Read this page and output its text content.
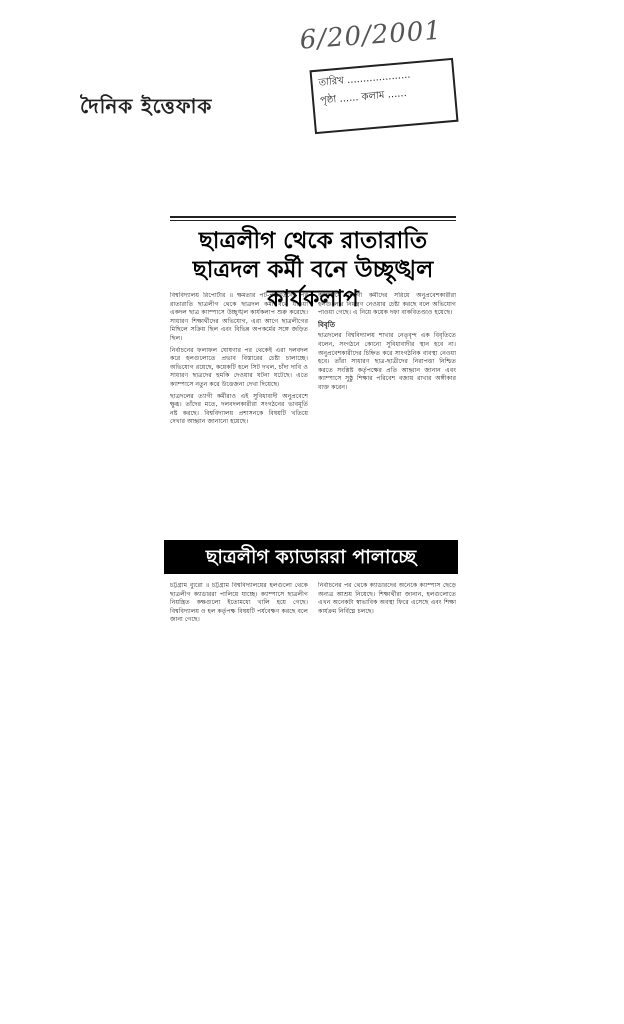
6/20/2001
তারিখ ....................
পৃষ্ঠা ...... কলাম ......
দৈনিক ইত্তেফাক
ছাত্রলীগ থেকে রাতারাতি ছাত্রদল কর্মী বনে উচ্ছৃঙ্খল কার্যকলাপ

বিশ্ববিদ্যালয় রিপোর্টার ॥ ক্ষমতার পট-পরিবর্তনের পর রাতারাতি ছাত্রলীগ থেকে ছাত্রদল কর্মী বনে যাওয়া একদল ছাত্র ক্যাম্পাসে উচ্ছৃঙ্খল কার্যকলাপ শুরু করেছে। সাধারণ শিক্ষার্থীদের অভিযোগ, এরা আগে ছাত্রলীগের মিছিলে সক্রিয় ছিল এবং বিভিন্ন অপকর্মের সঙ্গে জড়িত ছিল।

নির্বাচনের ফলাফল ঘোষণার পর থেকেই এরা দলবদল করে হলগুলোতে প্রভাব বিস্তারের চেষ্টা চালাচ্ছে। অভিযোগ রয়েছে, কয়েকটি হলে সিট দখল, চাঁদা দাবি ও সাধারণ ছাত্রদের হুমকি দেওয়ার ঘটনা ঘটেছে। এতে ক্যাম্পাসে নতুন করে উত্তেজনা দেখা দিয়েছে।

ছাত্রদলের ত্যাগী কর্মীরাও এই সুবিধাবাদী অনুপ্রবেশে ক্ষুব্ধ। তাঁদের মতে, দলবদলকারীরা সংগঠনের ভাবমূর্তি নষ্ট করছে। বিশ্ববিদ্যালয় প্রশাসনকে বিষয়টি খতিয়ে দেখার আহ্বান জানানো হয়েছে।

ক্যাম্পাসে ত্যাগী কর্মীদের সরিয়ে অনুপ্রবেশকারীরা হলগুলোর নিয়ন্ত্রণ নেওয়ার চেষ্টা করছে বলে অভিযোগ পাওয়া গেছে। এ নিয়ে কয়েক দফা বাকবিতণ্ডাও হয়েছে।

বিবৃতি

ছাত্রদলের বিশ্ববিদ্যালয় শাখার নেতৃবৃন্দ এক বিবৃতিতে বলেন, সংগঠনে কোনো সুবিধাবাদীর স্থান হবে না। অনুপ্রবেশকারীদের চিহ্নিত করে সাংগঠনিক ব্যবস্থা নেওয়া হবে। তাঁরা সাধারণ ছাত্র-ছাত্রীদের নিরাপত্তা নিশ্চিত করতে সংশ্লিষ্ট কর্তৃপক্ষের প্রতি আহ্বান জানান এবং ক্যাম্পাসে সুষ্ঠু শিক্ষার পরিবেশ বজায় রাখার অঙ্গীকার ব্যক্ত করেন।

ছাত্রলীগ ক্যাডাররা পালাচ্ছে

চট্টগ্রাম ব্যুরো ॥ চট্টগ্রাম বিশ্ববিদ্যালয়ের হলগুলো থেকে ছাত্রলীগ ক্যাডাররা পালিয়ে যাচ্ছে। ক্যাম্পাসে ছাত্রলীগ নিয়ন্ত্রিত কক্ষগুলো ইতোমধ্যে খালি হয়ে গেছে। বিশ্ববিদ্যালয় ও হল কর্তৃপক্ষ বিষয়টি পর্যবেক্ষণ করছে বলে জানা গেছে।

নির্বাচনের পর থেকে ক্যাডারদের অনেকে ক্যাম্পাস ছেড়ে অন্যত্র আশ্রয় নিয়েছে। শিক্ষার্থীরা জানান, হলগুলোতে এখন অনেকটা স্বাভাবিক অবস্থা ফিরে এসেছে এবং শিক্ষা কার্যক্রম নির্বিঘ্নে চলছে।
